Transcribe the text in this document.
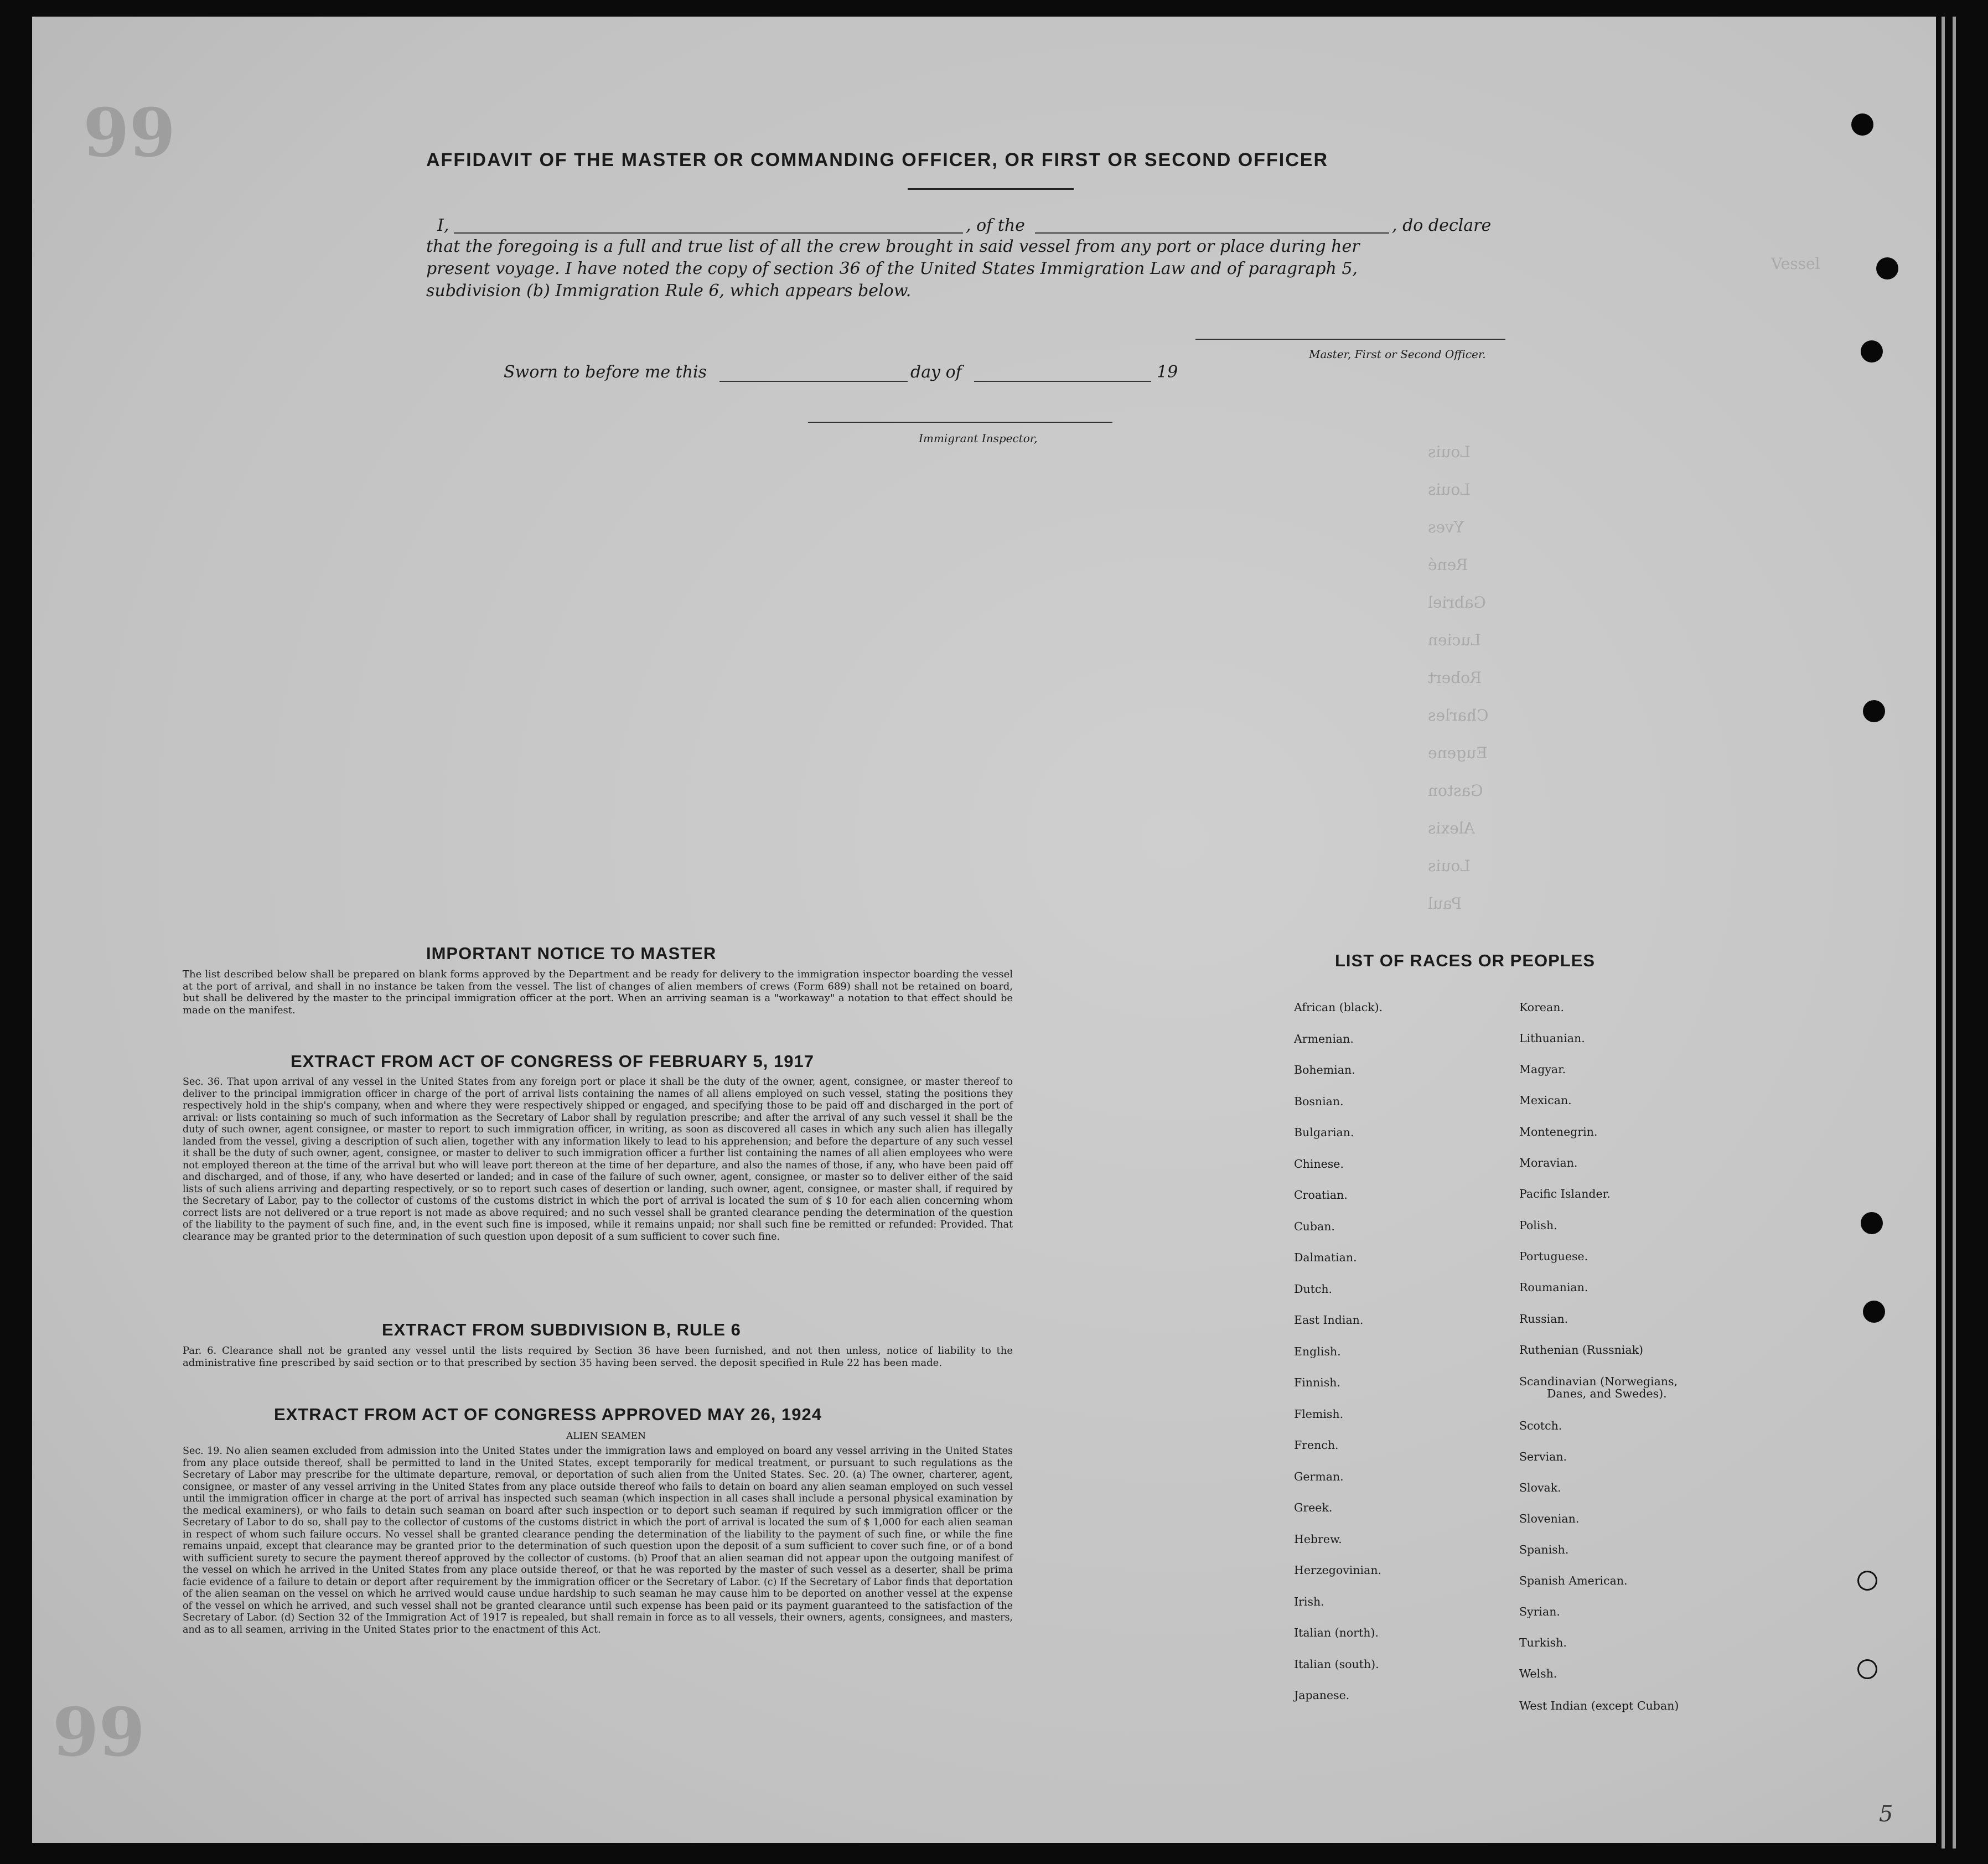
99
99
Vessel
Louis
Louis
Yves
René
Gabriel
Lucien
Robert
Charles
Eugene
Gaston
Alexis
Louis
Paul
AFFIDAVIT OF THE MASTER OR COMMANDING OFFICER, OR FIRST OR SECOND OFFICER
I,	, of the	, do declare
that the foregoing is a full and true list of all the crew brought in said vessel from any port or place during her
present voyage. I have noted the copy of section 36 of the United States Immigration Law and of paragraph 5,
subdivision (b) Immigration Rule 6, which appears below.
Master, First or Second Officer.
Sworn to before me this	day of	19
Immigrant Inspector,
IMPORTANT NOTICE TO MASTER
The list described below shall be prepared on blank forms approved by the Department and be ready for delivery to the immigration inspector boarding the vessel at the port of arrival, and shall in no instance be taken from the vessel. The list of changes of alien members of crews (Form 689) shall not be retained on board, but shall be delivered by the master to the principal immigration officer at the port. When an arriving seaman is a "workaway" a notation to that effect should be made on the manifest.
EXTRACT FROM ACT OF CONGRESS OF FEBRUARY 5, 1917
Sec. 36. That upon arrival of any vessel in the United States from any foreign port or place it shall be the duty of the owner, agent, consignee, or master thereof to deliver to the principal immigration officer in charge of the port of arrival lists containing the names of all aliens employed on such vessel, stating the positions they respectively hold in the ship's company, when and where they were respectively shipped or engaged, and specifying those to be paid off and discharged in the port of arrival: or lists containing so much of such information as the Secretary of Labor shall by regulation prescribe; and after the arrival of any such vessel it shall be the duty of such owner, agent consignee, or master to report to such immigration officer, in writing, as soon as discovered all cases in which any such alien has illegally landed from the vessel, giving a description of such alien, together with any information likely to lead to his apprehension; and before the departure of any such vessel it shall be the duty of such owner, agent, consignee, or master to deliver to such immigration officer a further list containing the names of all alien employees who were not employed thereon at the time of the arrival but who will leave port thereon at the time of her departure, and also the names of those, if any, who have been paid off and discharged, and of those, if any, who have deserted or landed; and in case of the failure of such owner, agent, consignee, or master so to deliver either of the said lists of such aliens arriving and departing respectively, or so to report such cases of desertion or landing, such owner, agent, consignee, or master shall, if required by the Secretary of Labor, pay to the collector of customs of the customs district in which the port of arrival is located the sum of $ 10 for each alien concerning whom correct lists are not delivered or a true report is not made as above required; and no such vessel shall be granted clearance pending the determination of the question of the liability to the payment of such fine, and, in the event such fine is imposed, while it remains unpaid; nor shall such fine be remitted or refunded: Provided. That clearance may be granted prior to the determination of such question upon deposit of a sum sufficient to cover such fine.
EXTRACT FROM SUBDIVISION B, RULE 6
Par. 6. Clearance shall not be granted any vessel until the lists required by Section 36 have been furnished, and not then unless, notice of liability to the administrative fine prescribed by said section or to that prescribed by section 35 having been served. the deposit specified in Rule 22 has been made.
EXTRACT FROM ACT OF CONGRESS APPROVED MAY 26, 1924
ALIEN SEAMEN
Sec. 19. No alien seamen excluded from admission into the United States under the immigration laws and employed on board any vessel arriving in the United States from any place outside thereof, shall be permitted to land in the United States, except temporarily for medical treatment, or pursuant to such regulations as the Secretary of Labor may prescribe for the ultimate departure, removal, or deportation of such alien from the United States. Sec. 20. (a) The owner, charterer, agent, consignee, or master of any vessel arriving in the United States from any place outside thereof who fails to detain on board any alien seaman employed on such vessel until the immigration officer in charge at the port of arrival has inspected such seaman (which inspection in all cases shall include a personal physical examination by the medical examiners), or who fails to detain such seaman on board after such inspection or to deport such seaman if required by such immigration officer or the Secretary of Labor to do so, shall pay to the collector of customs of the customs district in which the port of arrival is located the sum of $ 1,000 for each alien seaman in respect of whom such failure occurs. No vessel shall be granted clearance pending the determination of the liability to the payment of such fine, or while the fine remains unpaid, except that clearance may be granted prior to the determination of such question upon the deposit of a sum sufficient to cover such fine, or of a bond with sufficient surety to secure the payment thereof approved by the collector of customs. (b) Proof that an alien seaman did not appear upon the outgoing manifest of the vessel on which he arrived in the United States from any place outside thereof, or that he was reported by the master of such vessel as a deserter, shall be prima facie evidence of a failure to detain or deport after requirement by the immigration officer or the Secretary of Labor. (c) If the Secretary of Labor finds that deportation of the alien seaman on the vessel on which he arrived would cause undue hardship to such seaman he may cause him to be deported on another vessel at the expense of the vessel on which he arrived, and such vessel shall not be granted clearance until such expense has been paid or its payment guaranteed to the satisfaction of the Secretary of Labor. (d) Section 32 of the Immigration Act of 1917 is repealed, but shall remain in force as to all vessels, their owners, agents, consignees, and masters, and as to all seamen, arriving in the United States prior to the enactment of this Act.
LIST OF RACES OR PEOPLES
African (black).
Armenian.
Bohemian.
Bosnian.
Bulgarian.
Chinese.
Croatian.
Cuban.
Dalmatian.
Dutch.
East Indian.
English.
Finnish.
Flemish.
French.
German.
Greek.
Hebrew.
Herzegovinian.
Irish.
Italian (north).
Italian (south).
Japanese.
Korean.
Lithuanian.
Magyar.
Mexican.
Montenegrin.
Moravian.
Pacific Islander.
Polish.
Portuguese.
Roumanian.
Russian.
Ruthenian (Russniak)
Scandinavian (Norwegians,
Danes, and Swedes).
Scotch.
Servian.
Slovak.
Slovenian.
Spanish.
Spanish American.
Syrian.
Turkish.
Welsh.
West Indian (except Cuban)
5
